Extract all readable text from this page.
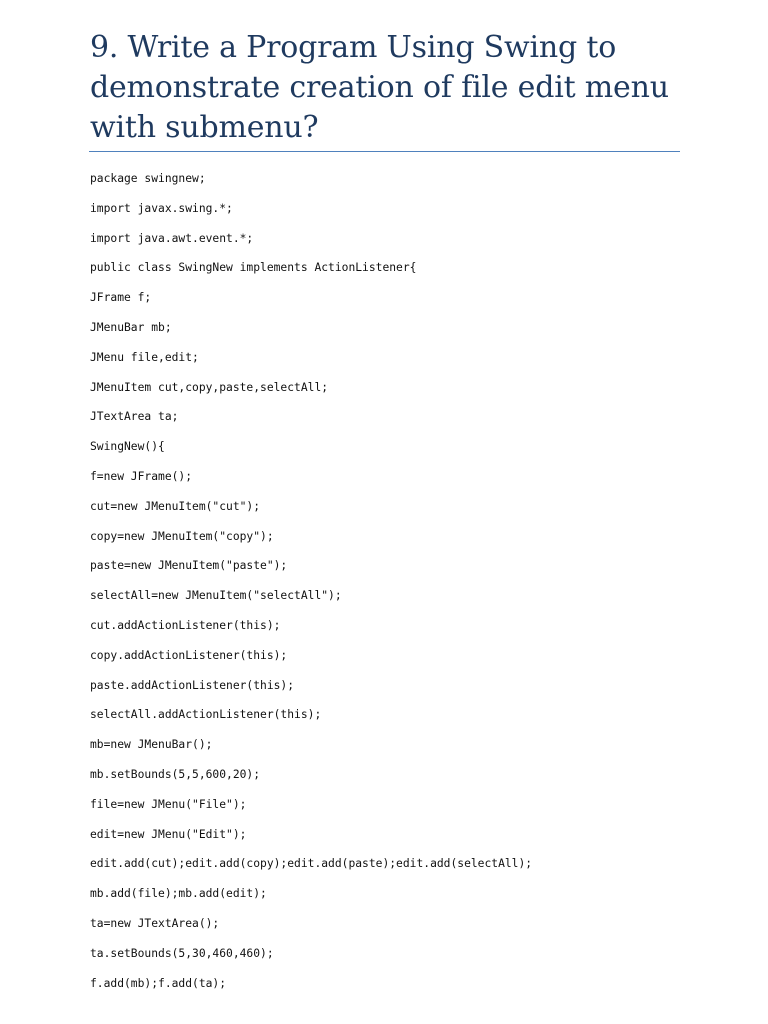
9. Write a Program Using Swing to
demonstrate creation of file edit menu
with submenu?
package swingnew;
import javax.swing.*;
import java.awt.event.*;
public class SwingNew implements ActionListener{
JFrame f;
JMenuBar mb;
JMenu file,edit;
JMenuItem cut,copy,paste,selectAll;
JTextArea ta;
SwingNew(){
f=new JFrame();
cut=new JMenuItem("cut");
copy=new JMenuItem("copy");
paste=new JMenuItem("paste");
selectAll=new JMenuItem("selectAll");
cut.addActionListener(this);
copy.addActionListener(this);
paste.addActionListener(this);
selectAll.addActionListener(this);
mb=new JMenuBar();
mb.setBounds(5,5,600,20);
file=new JMenu("File");
edit=new JMenu("Edit");
edit.add(cut);edit.add(copy);edit.add(paste);edit.add(selectAll);
mb.add(file);mb.add(edit);
ta=new JTextArea();
ta.setBounds(5,30,460,460);
f.add(mb);f.add(ta);
